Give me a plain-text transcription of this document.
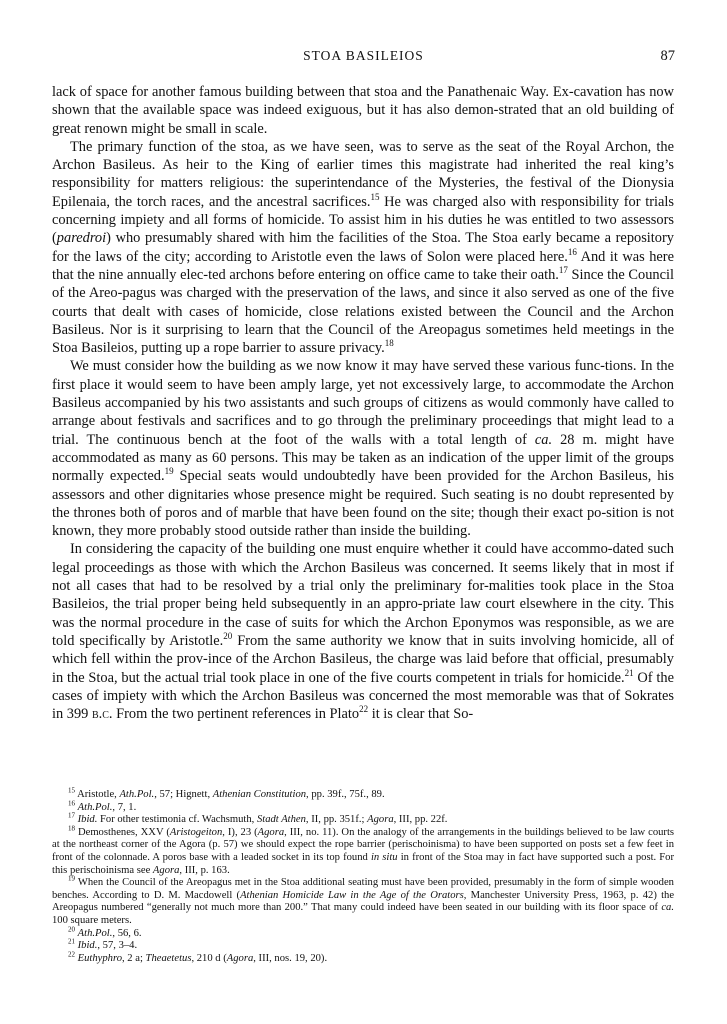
STOA BASILEIOS	87

lack of space for another famous building between that stoa and the Panathenaic Way. Ex-cavation has now shown that the available space was indeed exiguous, but it has also demon-strated that an old building of great renown might be small in scale.

The primary function of the stoa, as we have seen, was to serve as the seat of the Royal Archon, the Archon Basileus. As heir to the King of earlier times this magistrate had inherited the real king’s responsibility for matters religious: the superintendance of the Mysteries, the festival of the Dionysia Epilenaia, the torch races, and the ancestral sacrifices.$^{15}$ He was charged also with responsibility for trials concerning impiety and all forms of homicide. To assist him in his duties he was entitled to two assessors (paredroi) who presumably shared with him the facilities of the Stoa. The Stoa early became a repository for the laws of the city; according to Aristotle even the laws of Solon were placed here.$^{16}$ And it was here that the nine annually elec-ted archons before entering on office came to take their oath.$^{17}$ Since the Council of the Areo-pagus was charged with the preservation of the laws, and since it also served as one of the five courts that dealt with cases of homicide, close relations existed between the Council and the Archon Basileus. Nor is it surprising to learn that the Council of the Areopagus sometimes held meetings in the Stoa Basileios, putting up a rope barrier to assure privacy.$^{18}$

We must consider how the building as we now know it may have served these various func-tions. In the first place it would seem to have been amply large, yet not excessively large, to accommodate the Archon Basileus accompanied by his two assistants and such groups of citizens as would commonly have called to arrange about festivals and sacrifices and to go through the preliminary proceedings that might lead to a trial. The continuous bench at the foot of the walls with a total length of ca. 28 m. might have accommodated as many as 60 persons. This may be taken as an indication of the upper limit of the groups normally expected.$^{19}$ Special seats would undoubtedly have been provided for the Archon Basileus, his assessors and other dignitaries whose presence might be required. Such seating is no doubt represented by the thrones both of poros and of marble that have been found on the site; though their exact po-sition is not known, they more probably stood outside rather than inside the building.

In considering the capacity of the building one must enquire whether it could have accommo-dated such legal proceedings as those with which the Archon Basileus was concerned. It seems likely that in most if not all cases that had to be resolved by a trial only the preliminary for-malities took place in the Stoa Basileios, the trial proper being held subsequently in an appro-priate law court elsewhere in the city. This was the normal procedure in the case of suits for which the Archon Eponymos was responsible, as we are told specifically by Aristotle.$^{20}$ From the same authority we know that in suits involving homicide, all of which fell within the prov-ince of the Archon Basileus, the charge was laid before that official, presumably in the Stoa, but the actual trial took place in one of the five courts competent in trials for homicide.$^{21}$ Of the cases of impiety with which the Archon Basileus was concerned the most memorable was that of Sokrates in 399 b.c. From the two pertinent references in Plato$^{22}$ it is clear that So-

$^{15}$ Aristotle, Ath.Pol., 57; Hignett, Athenian Constitution, pp. 39f., 75f., 89.

$^{16}$ Ath.Pol., 7, 1.

$^{17}$ Ibid. For other testimonia cf. Wachsmuth, Stadt Athen, II, pp. 351f.; Agora, III, pp. 22f.

$^{18}$ Demosthenes, XXV (Aristogeiton, I), 23 (Agora, III, no. 11). On the analogy of the arrangements in the buildings believed to be law courts at the northeast corner of the Agora (p. 57) we should expect the rope barrier (perischoinisma) to have been supported on posts set a few feet in front of the colonnade. A poros base with a leaded socket in its top found in situ in front of the Stoa may in fact have supported such a post. For this perischoinisma see Agora, III, p. 163.

$^{19}$ When the Council of the Areopagus met in the Stoa additional seating must have been provided, presumably in the form of simple wooden benches. According to D. M. Macdowell (Athenian Homicide Law in the Age of the Orators, Manchester University Press, 1963, p. 42) the Areopagus numbered “generally not much more than 200.” That many could indeed have been seated in our building with its floor space of ca. 100 square meters.

$^{20}$ Ath.Pol., 56, 6.

$^{21}$ Ibid., 57, 3–4.

$^{22}$ Euthyphro, 2 a; Theaetetus, 210 d (Agora, III, nos. 19, 20).
